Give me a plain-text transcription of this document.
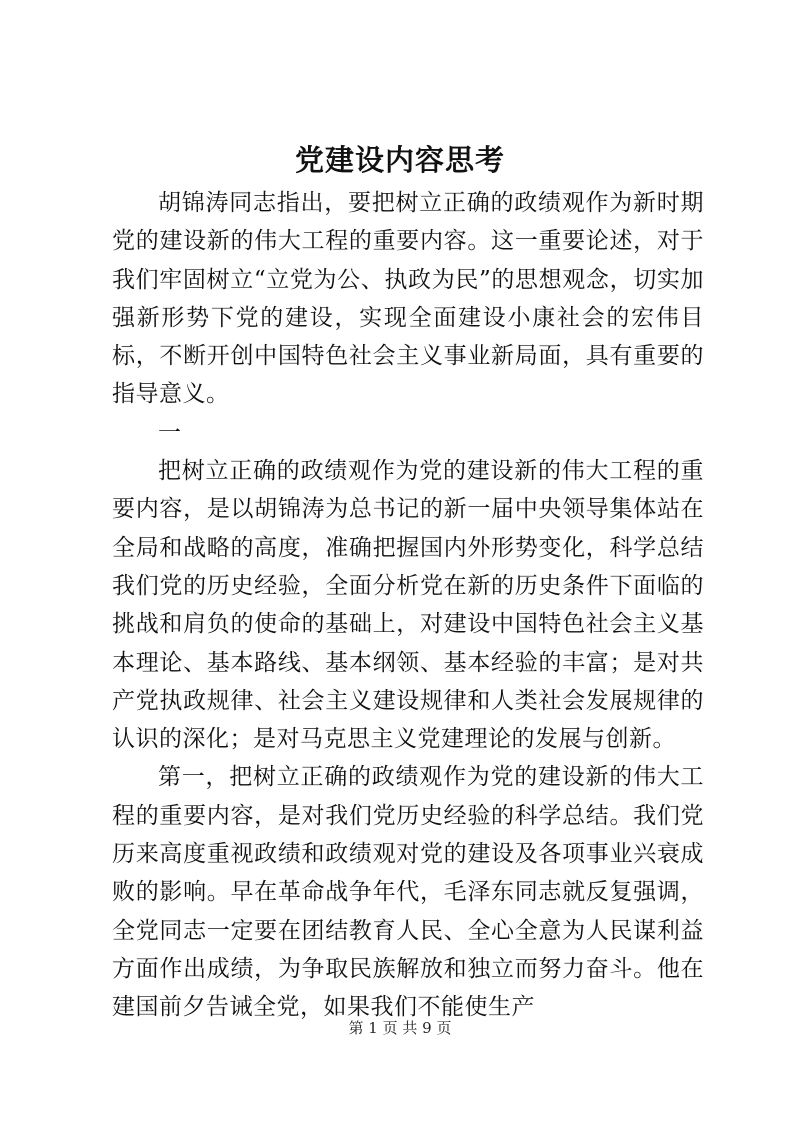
党建设内容思考

胡锦涛同志指出，要把树立正确的政绩观作为新时期党的建设新的伟大工程的重要内容。这一重要论述，对于我们牢固树立“立党为公、执政为民”的思想观念，切实加强新形势下党的建设，实现全面建设小康社会的宏伟目标，不断开创中国特色社会主义事业新局面，具有重要的指导意义。

一

把树立正确的政绩观作为党的建设新的伟大工程的重要内容，是以胡锦涛为总书记的新一届中央领导集体站在全局和战略的高度，准确把握国内外形势变化，科学总结我们党的历史经验，全面分析党在新的历史条件下面临的挑战和肩负的使命的基础上，对建设中国特色社会主义基本理论、基本路线、基本纲领、基本经验的丰富；是对共产党执政规律、社会主义建设规律和人类社会发展规律的认识的深化；是对马克思主义党建理论的发展与创新。

第一，把树立正确的政绩观作为党的建设新的伟大工程的重要内容，是对我们党历史经验的科学总结。我们党历来高度重视政绩和政绩观对党的建设及各项事业兴衰成败的影响。早在革命战争年代，毛泽东同志就反复强调，全党同志一定要在团结教育人民、全心全意为人民谋利益方面作出成绩，为争取民族解放和独立而努力奋斗。他在建国前夕告诫全党，如果我们不能使生产

第 1 页 共 9 页
